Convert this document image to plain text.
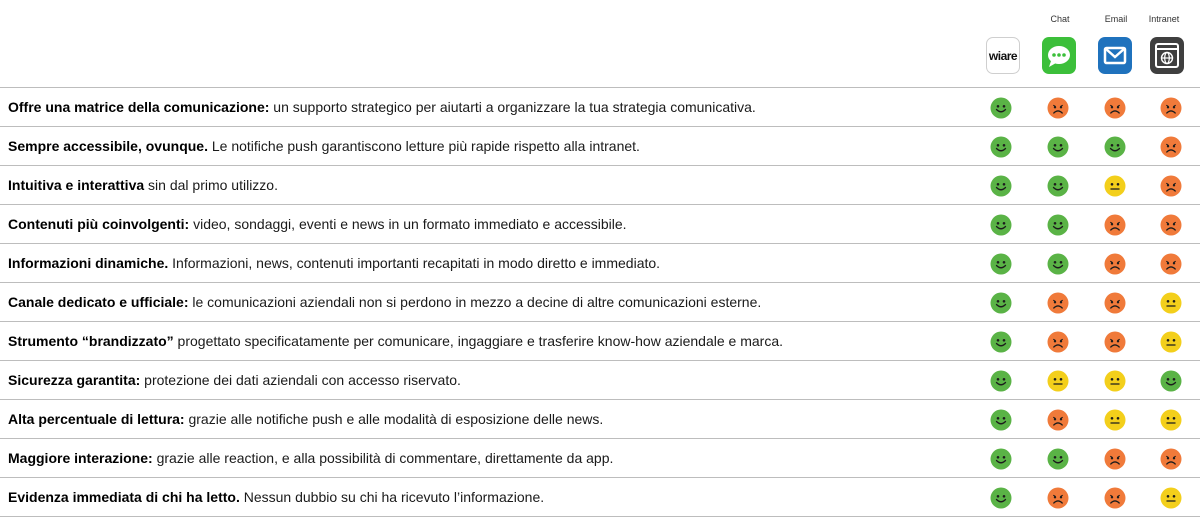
Chat	Email	Intranet
wiare
Offre una matrice della comunicazione: un supporto strategico per aiutarti a organizzare la tua strategia comunicativa.
Sempre accessibile, ovunque. Le notifiche push garantiscono letture più rapide rispetto alla intranet.
Intuitiva e interattiva sin dal primo utilizzo.
Contenuti più coinvolgenti: video, sondaggi, eventi e news in un formato immediato e accessibile.
Informazioni dinamiche. Informazioni, news, contenuti importanti recapitati in modo diretto e immediato.
Canale dedicato e ufficiale: le comunicazioni aziendali non si perdono in mezzo a decine di altre comunicazioni esterne.
Strumento “brandizzato” progettato specificatamente per comunicare, ingaggiare e trasferire know-how aziendale e marca.
Sicurezza garantita: protezione dei dati aziendali con accesso riservato.
Alta percentuale di lettura: grazie alle notifiche push e alle modalità di esposizione delle news.
Maggiore interazione: grazie alle reaction, e alla possibilità di commentare, direttamente da app.
Evidenza immediata di chi ha letto. Nessun dubbio su chi ha ricevuto l’informazione.
